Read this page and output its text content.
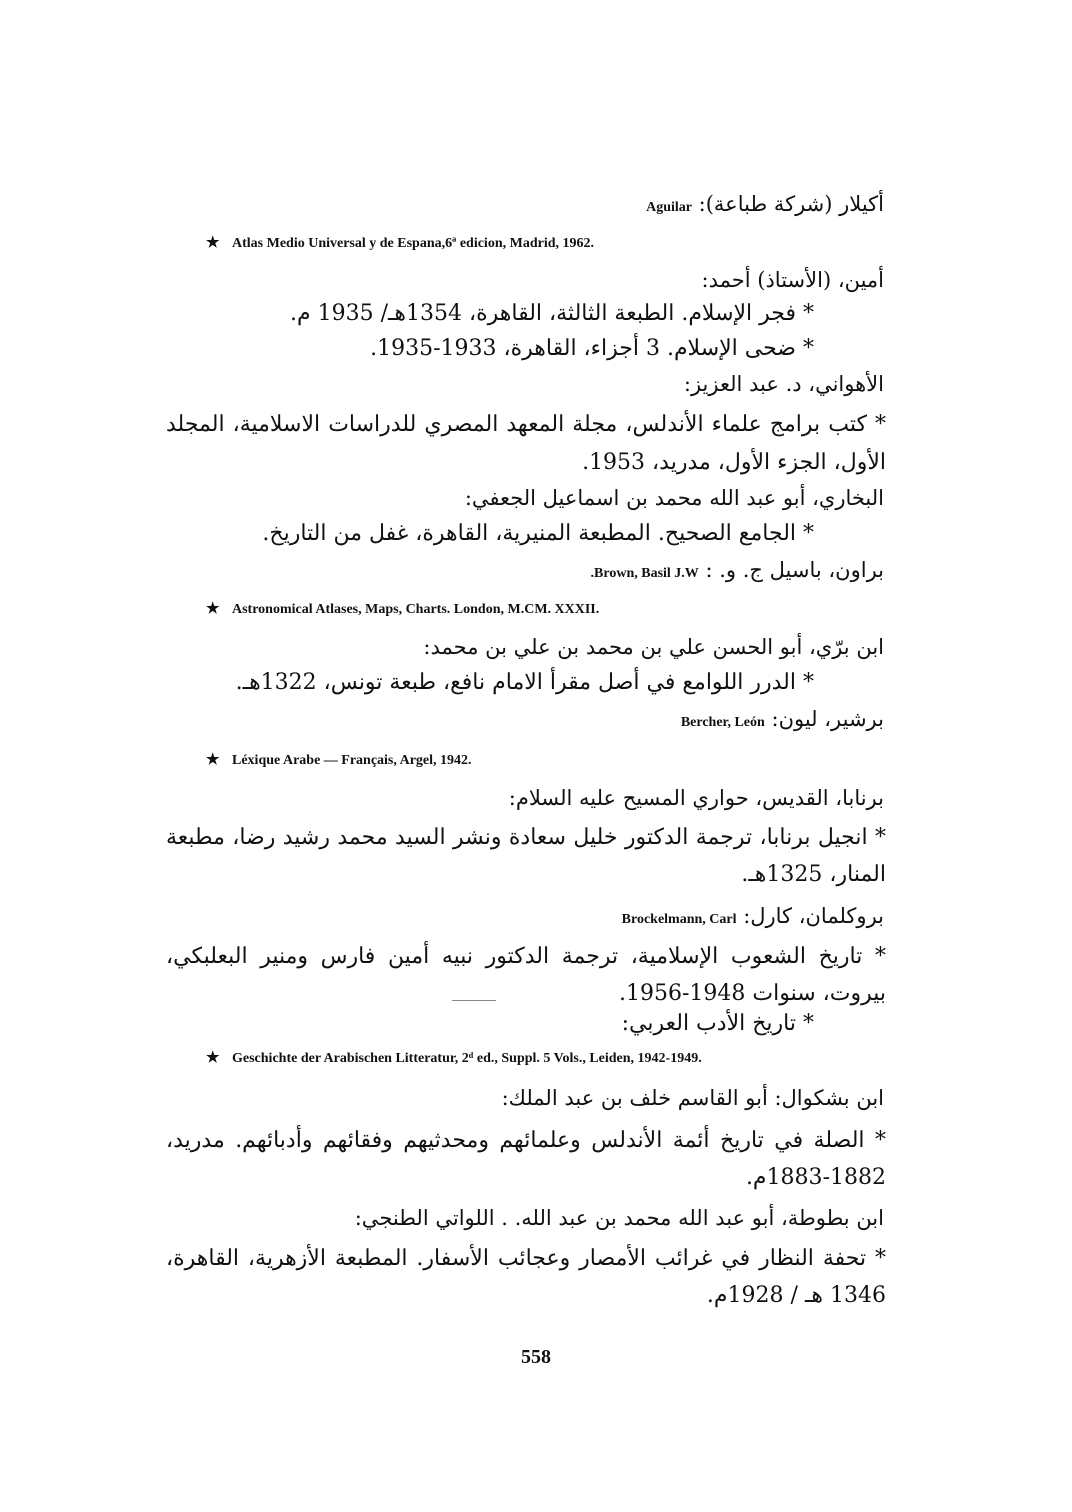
أكيلار (شركة طباعة): Aguilar
★ Atlas Medio Universal y de Espana,6ª edicion, Madrid, 1962.
أمين، (الأستاذ) أحمد:
* فجر الإسلام. الطبعة الثالثة، القاهرة، 1354هـ/ 1935 م.
* ضحى الإسلام. 3 أجزاء، القاهرة، 1933-1935.
الأهواني، د. عبد العزيز:
* كتب برامج علماء الأندلس، مجلة المعهد المصري للدراسات الاسلامية، المجلد الأول، الجزء الأول، مدريد، 1953.
البخاري، أبو عبد الله محمد بن اسماعيل الجعفي:
* الجامع الصحيح. المطبعة المنيرية، القاهرة، غفل من التاريخ.
براون، باسيل ج. و. : Brown, Basil J.W.
★ Astronomical Atlases, Maps, Charts. London, M.CM. XXXII.
ابن برّي، أبو الحسن علي بن محمد بن علي بن محمد:
* الدرر اللوامع في أصل مقرأ الامام نافع، طبعة تونس، 1322هـ.
برشير، ليون: Bercher, León
★ Léxique Arabe — Français, Argel, 1942.
برنابا، القديس، حواري المسيح عليه السلام:
* انجيل برنابا، ترجمة الدكتور خليل سعادة ونشر السيد محمد رشيد رضا، مطبعة المنار، 1325هـ.
بروكلمان، كارل: Brockelmann, Carl
* تاريخ الشعوب الإسلامية، ترجمة الدكتور نبيه أمين فارس ومنير البعلبكي، بيروت، سنوات 1948-1956.
* تاريخ الأدب العربي:
★ Geschichte der Arabischen Litteratur, 2ᵈ ed., Suppl. 5 Vols., Leiden, 1942-1949.
ابن بشكوال: أبو القاسم خلف بن عبد الملك:
* الصلة في تاريخ أئمة الأندلس وعلمائهم ومحدثيهم وفقائهم وأدبائهم. مدريد، 1882-1883م.
ابن بطوطة، أبو عبد الله محمد بن عبد الله. . اللواتي الطنجي:
* تحفة النظار في غرائب الأمصار وعجائب الأسفار. المطبعة الأزهرية، القاهرة، 1346 هـ / 1928م.
558
